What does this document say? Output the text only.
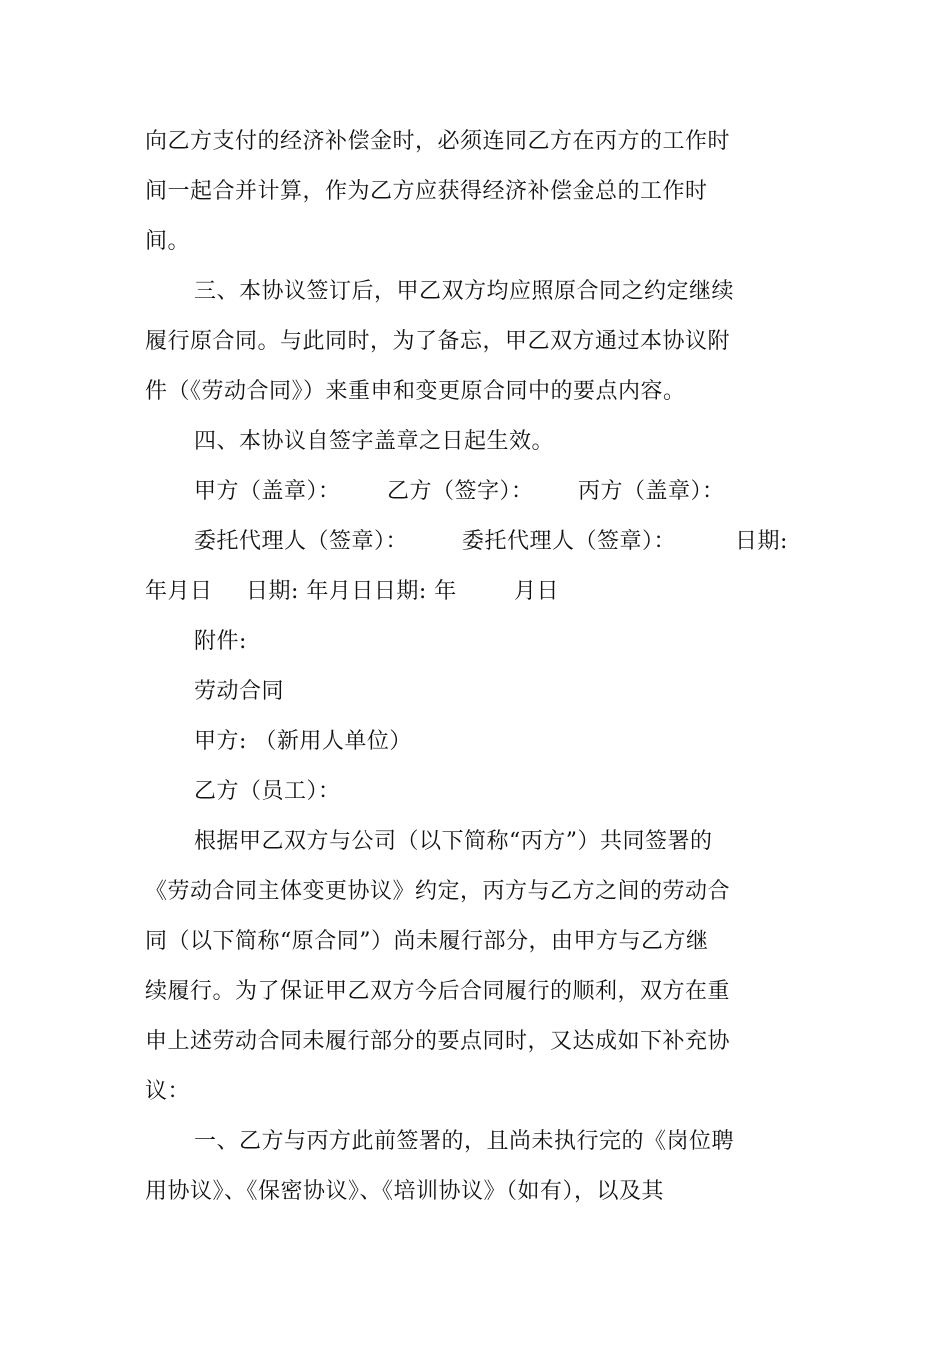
向乙方支付的经济补偿金时，必须连同乙方在丙方的工作时
间一起合并计算，作为乙方应获得经济补偿金总的工作时
间。
三、本协议签订后，甲乙双方均应照原合同之约定继续
履行原合同。与此同时，为了备忘，甲乙双方通过本协议附
件（《劳动合同》）来重申和变更原合同中的要点内容。
四、本协议自签字盖章之日起生效。
甲方（盖章）： 乙方（签字）： 丙方（盖章）：
委托代理人（签章）： 委托代理人（签章）：	日期:
年月日 日期: 年月日日期: 年	月日
附件:
劳动合同
甲方: （新用人单位）
乙方（员工）：
根据甲乙双方与公司（以下简称“丙方”）共同签署的
《劳动合同主体变更协议》约定，丙方与乙方之间的劳动合
同（以下简称“原合同”）尚未履行部分，由甲方与乙方继
续履行。为了保证甲乙双方今后合同履行的顺利，双方在重
申上述劳动合同未履行部分的要点同时，又达成如下补充协
议：
一、乙方与丙方此前签署的，且尚未执行完的《岗位聘
用协议》、《保密协议》、《培训协议》（如有），以及其
